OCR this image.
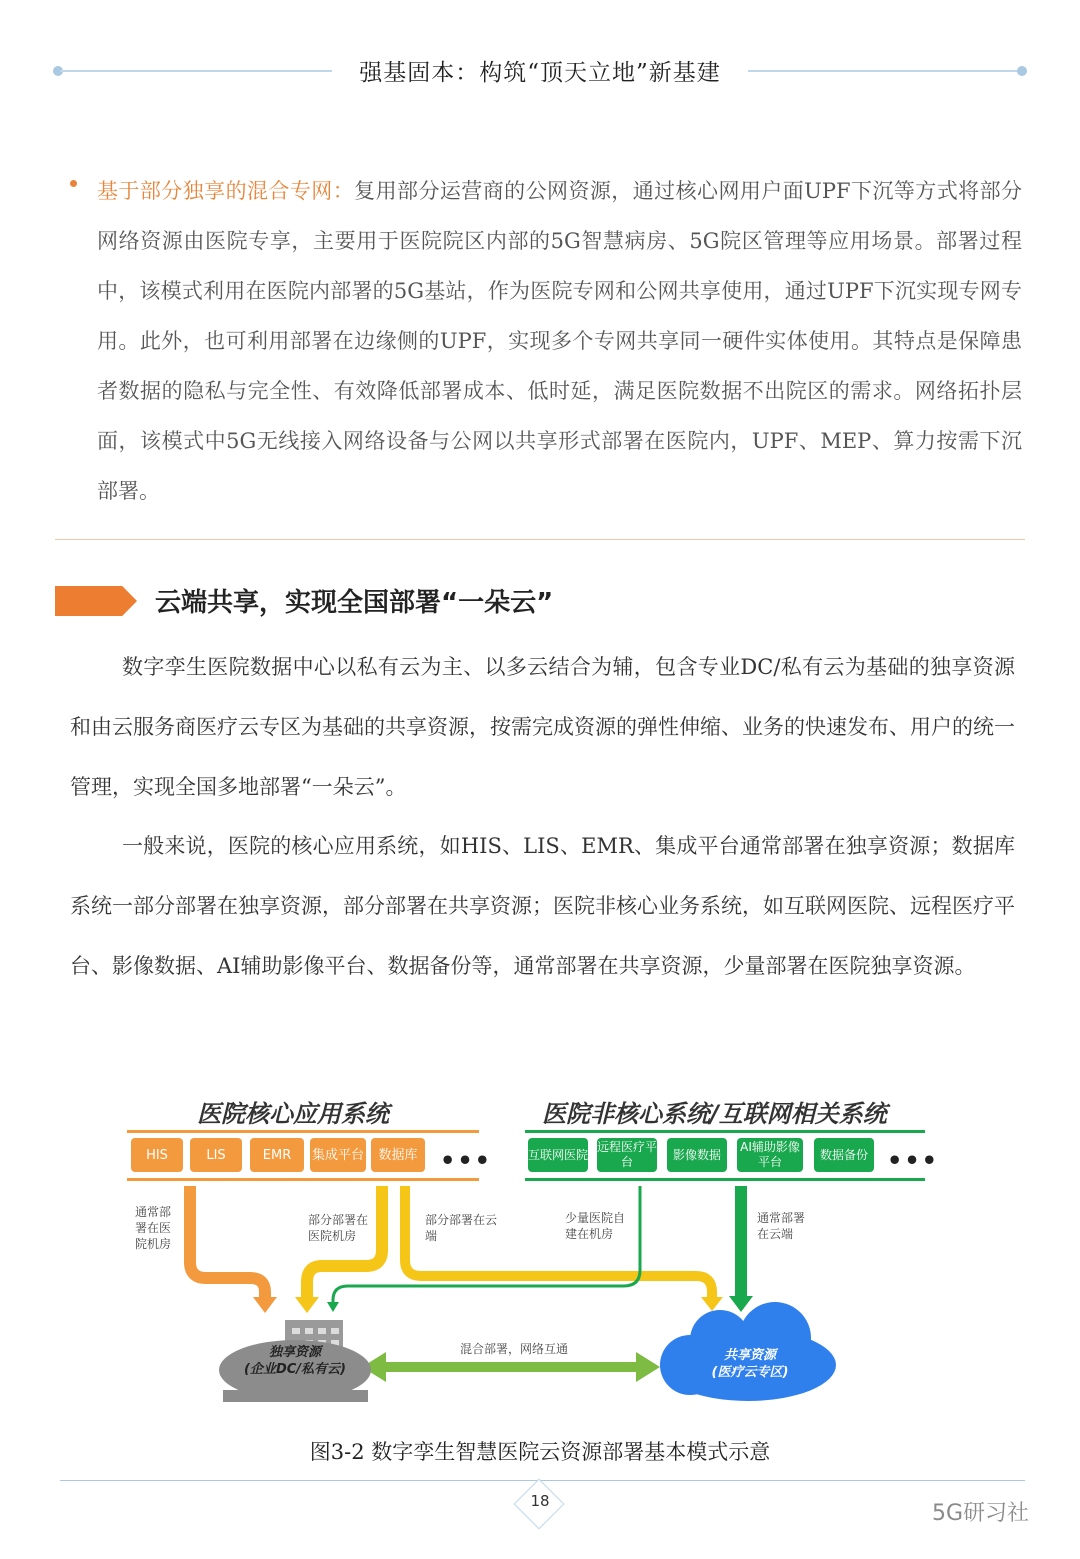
强基固本：构筑“顶天立地”新基建
基于部分独享的混合专网：复用部分运营商的公网资源，通过核心网用户面UPF下沉等方式将部分网络资源由医院专享，主要用于医院院区内部的5G智慧病房、5G院区管理等应用场景。部署过程中，该模式利用在医院内部署的5G基站，作为医院专网和公网共享使用，通过UPF下沉实现专网专用。此外，也可利用部署在边缘侧的UPF，实现多个专网共享同一硬件实体使用。其特点是保障患者数据的隐私与完全性、有效降低部署成本、低时延，满足医院数据不出院区的需求。网络拓扑层面，该模式中5G无线接入网络设备与公网以共享形式部署在医院内，UPF、MEP、算力按需下沉部署。
云端共享，实现全国部署“一朵云”
数字孪生医院数据中心以私有云为主、以多云结合为辅，包含专业DC/私有云为基础的独享资源和由云服务商医疗云专区为基础的共享资源，按需完成资源的弹性伸缩、业务的快速发布、用户的统一管理，实现全国多地部署“一朵云”。
一般来说，医院的核心应用系统，如HIS、LIS、EMR、集成平台通常部署在独享资源；数据库系统一部分部署在独享资源，部分部署在共享资源；医院非核心业务系统，如互联网医院、远程医疗平台、影像数据、AI辅助影像平台、数据备份等，通常部署在共享资源，少量部署在医院独享资源。
医院核心应用系统	医院非核心系统/互联网相关系统
HIS	LIS	EMR	集成平台	数据库 •••	互联网医院
远程医疗平台
影像数据
AI辅助影像平台
数据备份 •••
通常部署在医院机房
部分部署在医院机房
部分部署在云端
少量医院自建在机房
通常部署在云端
混合部署，网络互通
独享资源
(企业DC/私有云)
共享资源
(医疗云专区)
图3-2 数字孪生智慧医院云资源部署基本模式示意
18	5G研习社
